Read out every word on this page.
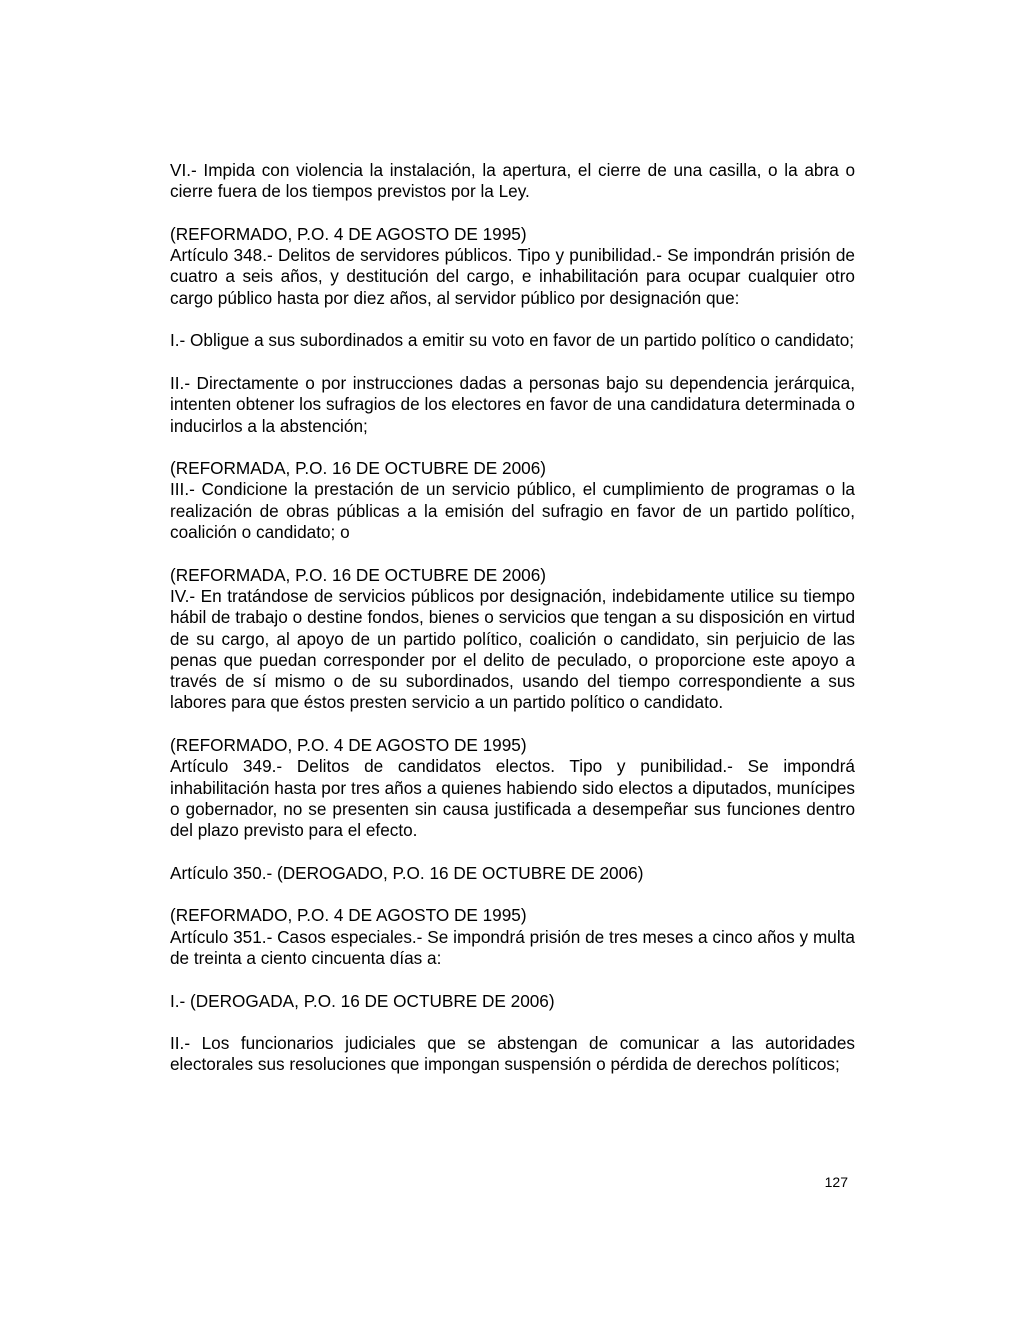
VI.- Impida con violencia la instalación, la apertura, el cierre de una casilla, o la abra o cierre fuera de los tiempos previstos por la Ley.
(REFORMADO, P.O. 4 DE AGOSTO DE 1995)
Artículo 348.- Delitos de servidores públicos. Tipo y punibilidad.- Se impondrán prisión de cuatro a seis años, y destitución del cargo, e inhabilitación para ocupar cualquier otro cargo público hasta por diez años, al servidor público por designación que:
I.- Obligue a sus subordinados a emitir su voto en favor de un partido político o candidato;
II.- Directamente o por instrucciones dadas a personas bajo su dependencia jerárquica, intenten obtener los sufragios de los electores en favor de una candidatura determinada o inducirlos a la abstención;
(REFORMADA, P.O. 16 DE OCTUBRE DE 2006)
III.- Condicione la prestación de un servicio público, el cumplimiento de programas o la realización de obras públicas a la emisión del sufragio en favor de un partido político, coalición o candidato; o
(REFORMADA, P.O. 16 DE OCTUBRE DE 2006)
IV.- En tratándose de servicios públicos por designación, indebidamente utilice su tiempo hábil de trabajo o destine fondos, bienes o servicios que tengan a su disposición en virtud de su cargo, al apoyo de un partido político, coalición o candidato, sin perjuicio de las penas que puedan corresponder por el delito de peculado, o proporcione este apoyo a través de sí mismo o de su subordinados, usando del tiempo correspondiente a sus labores para que éstos presten servicio a un partido político o candidato.
(REFORMADO, P.O. 4 DE AGOSTO DE 1995)
Artículo 349.- Delitos de candidatos electos. Tipo y punibilidad.- Se impondrá inhabilitación hasta por tres años a quienes habiendo sido electos a diputados, munícipes o gobernador, no se presenten sin causa justificada a desempeñar sus funciones dentro del plazo previsto para el efecto.
Artículo 350.- (DEROGADO, P.O. 16 DE OCTUBRE DE 2006)
(REFORMADO, P.O. 4 DE AGOSTO DE 1995)
Artículo 351.- Casos especiales.- Se impondrá prisión de tres meses a cinco años y multa de treinta a ciento cincuenta días a:
I.- (DEROGADA, P.O. 16 DE OCTUBRE DE 2006)
II.- Los funcionarios judiciales que se abstengan de comunicar a las autoridades electorales sus resoluciones que impongan suspensión o pérdida de derechos políticos;
127
